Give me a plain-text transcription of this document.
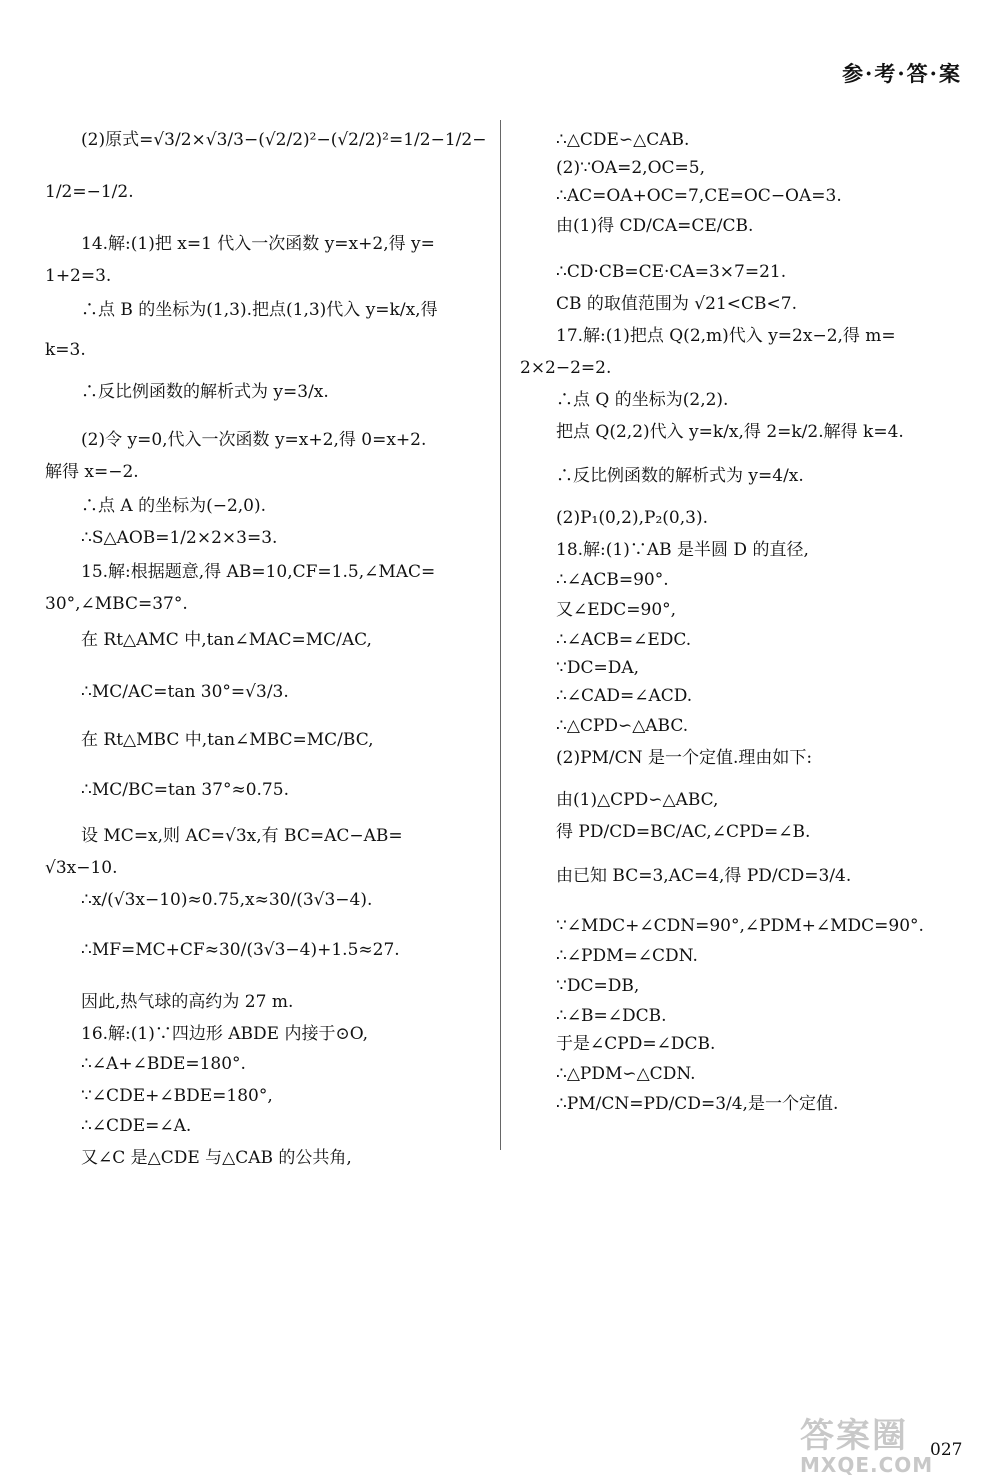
参·考·答·案
(2)原式=√3/2×√3/3−(√2/2)²−(√2/2)²=1/2−1/2−
1/2=−1/2.
14.解:(1)把 x=1 代入一次函数 y=x+2,得 y=
1+2=3.
∴点 B 的坐标为(1,3).把点(1,3)代入 y=k/x,得
k=3.
∴反比例函数的解析式为 y=3/x.
(2)令 y=0,代入一次函数 y=x+2,得 0=x+2.
解得 x=−2.
∴点 A 的坐标为(−2,0).
∴S△AOB=1/2×2×3=3.
15.解:根据题意,得 AB=10,CF=1.5,∠MAC=
30°,∠MBC=37°.
在 Rt△AMC 中,tan∠MAC=MC/AC,
∴MC/AC=tan 30°=√3/3.
在 Rt△MBC 中,tan∠MBC=MC/BC,
∴MC/BC=tan 37°≈0.75.
设 MC=x,则 AC=√3x,有 BC=AC−AB=
√3x−10.
∴x/(√3x−10)≈0.75,x≈30/(3√3−4).
∴MF=MC+CF≈30/(3√3−4)+1.5≈27.
因此,热气球的高约为 27 m.
16.解:(1)∵四边形 ABDE 内接于⊙O,
∴∠A+∠BDE=180°.
∵∠CDE+∠BDE=180°,
∴∠CDE=∠A.
又∠C 是△CDE 与△CAB 的公共角,
∴△CDE∽△CAB.
(2)∵OA=2,OC=5,
∴AC=OA+OC=7,CE=OC−OA=3.
由(1)得 CD/CA=CE/CB.
∴CD·CB=CE·CA=3×7=21.
CB 的取值范围为 √21<CB<7.
17.解:(1)把点 Q(2,m)代入 y=2x−2,得 m=
2×2−2=2.
∴点 Q 的坐标为(2,2).
把点 Q(2,2)代入 y=k/x,得 2=k/2.解得 k=4.
∴反比例函数的解析式为 y=4/x.
(2)P₁(0,2),P₂(0,3).
18.解:(1)∵AB 是半圆 D 的直径,
∴∠ACB=90°.
又∠EDC=90°,
∴∠ACB=∠EDC.
∵DC=DA,
∴∠CAD=∠ACD.
∴△CPD∽△ABC.
(2)PM/CN 是一个定值.理由如下:
由(1)△CPD∽△ABC,
得 PD/CD=BC/AC,∠CPD=∠B.
由已知 BC=3,AC=4,得 PD/CD=3/4.
∵∠MDC+∠CDN=90°,∠PDM+∠MDC=90°.
∴∠PDM=∠CDN.
∵DC=DB,
∴∠B=∠DCB.
于是∠CPD=∠DCB.
∴△PDM∽△CDN.
∴PM/CN=PD/CD=3/4,是一个定值.
027
答案圈
MXQE.COM
